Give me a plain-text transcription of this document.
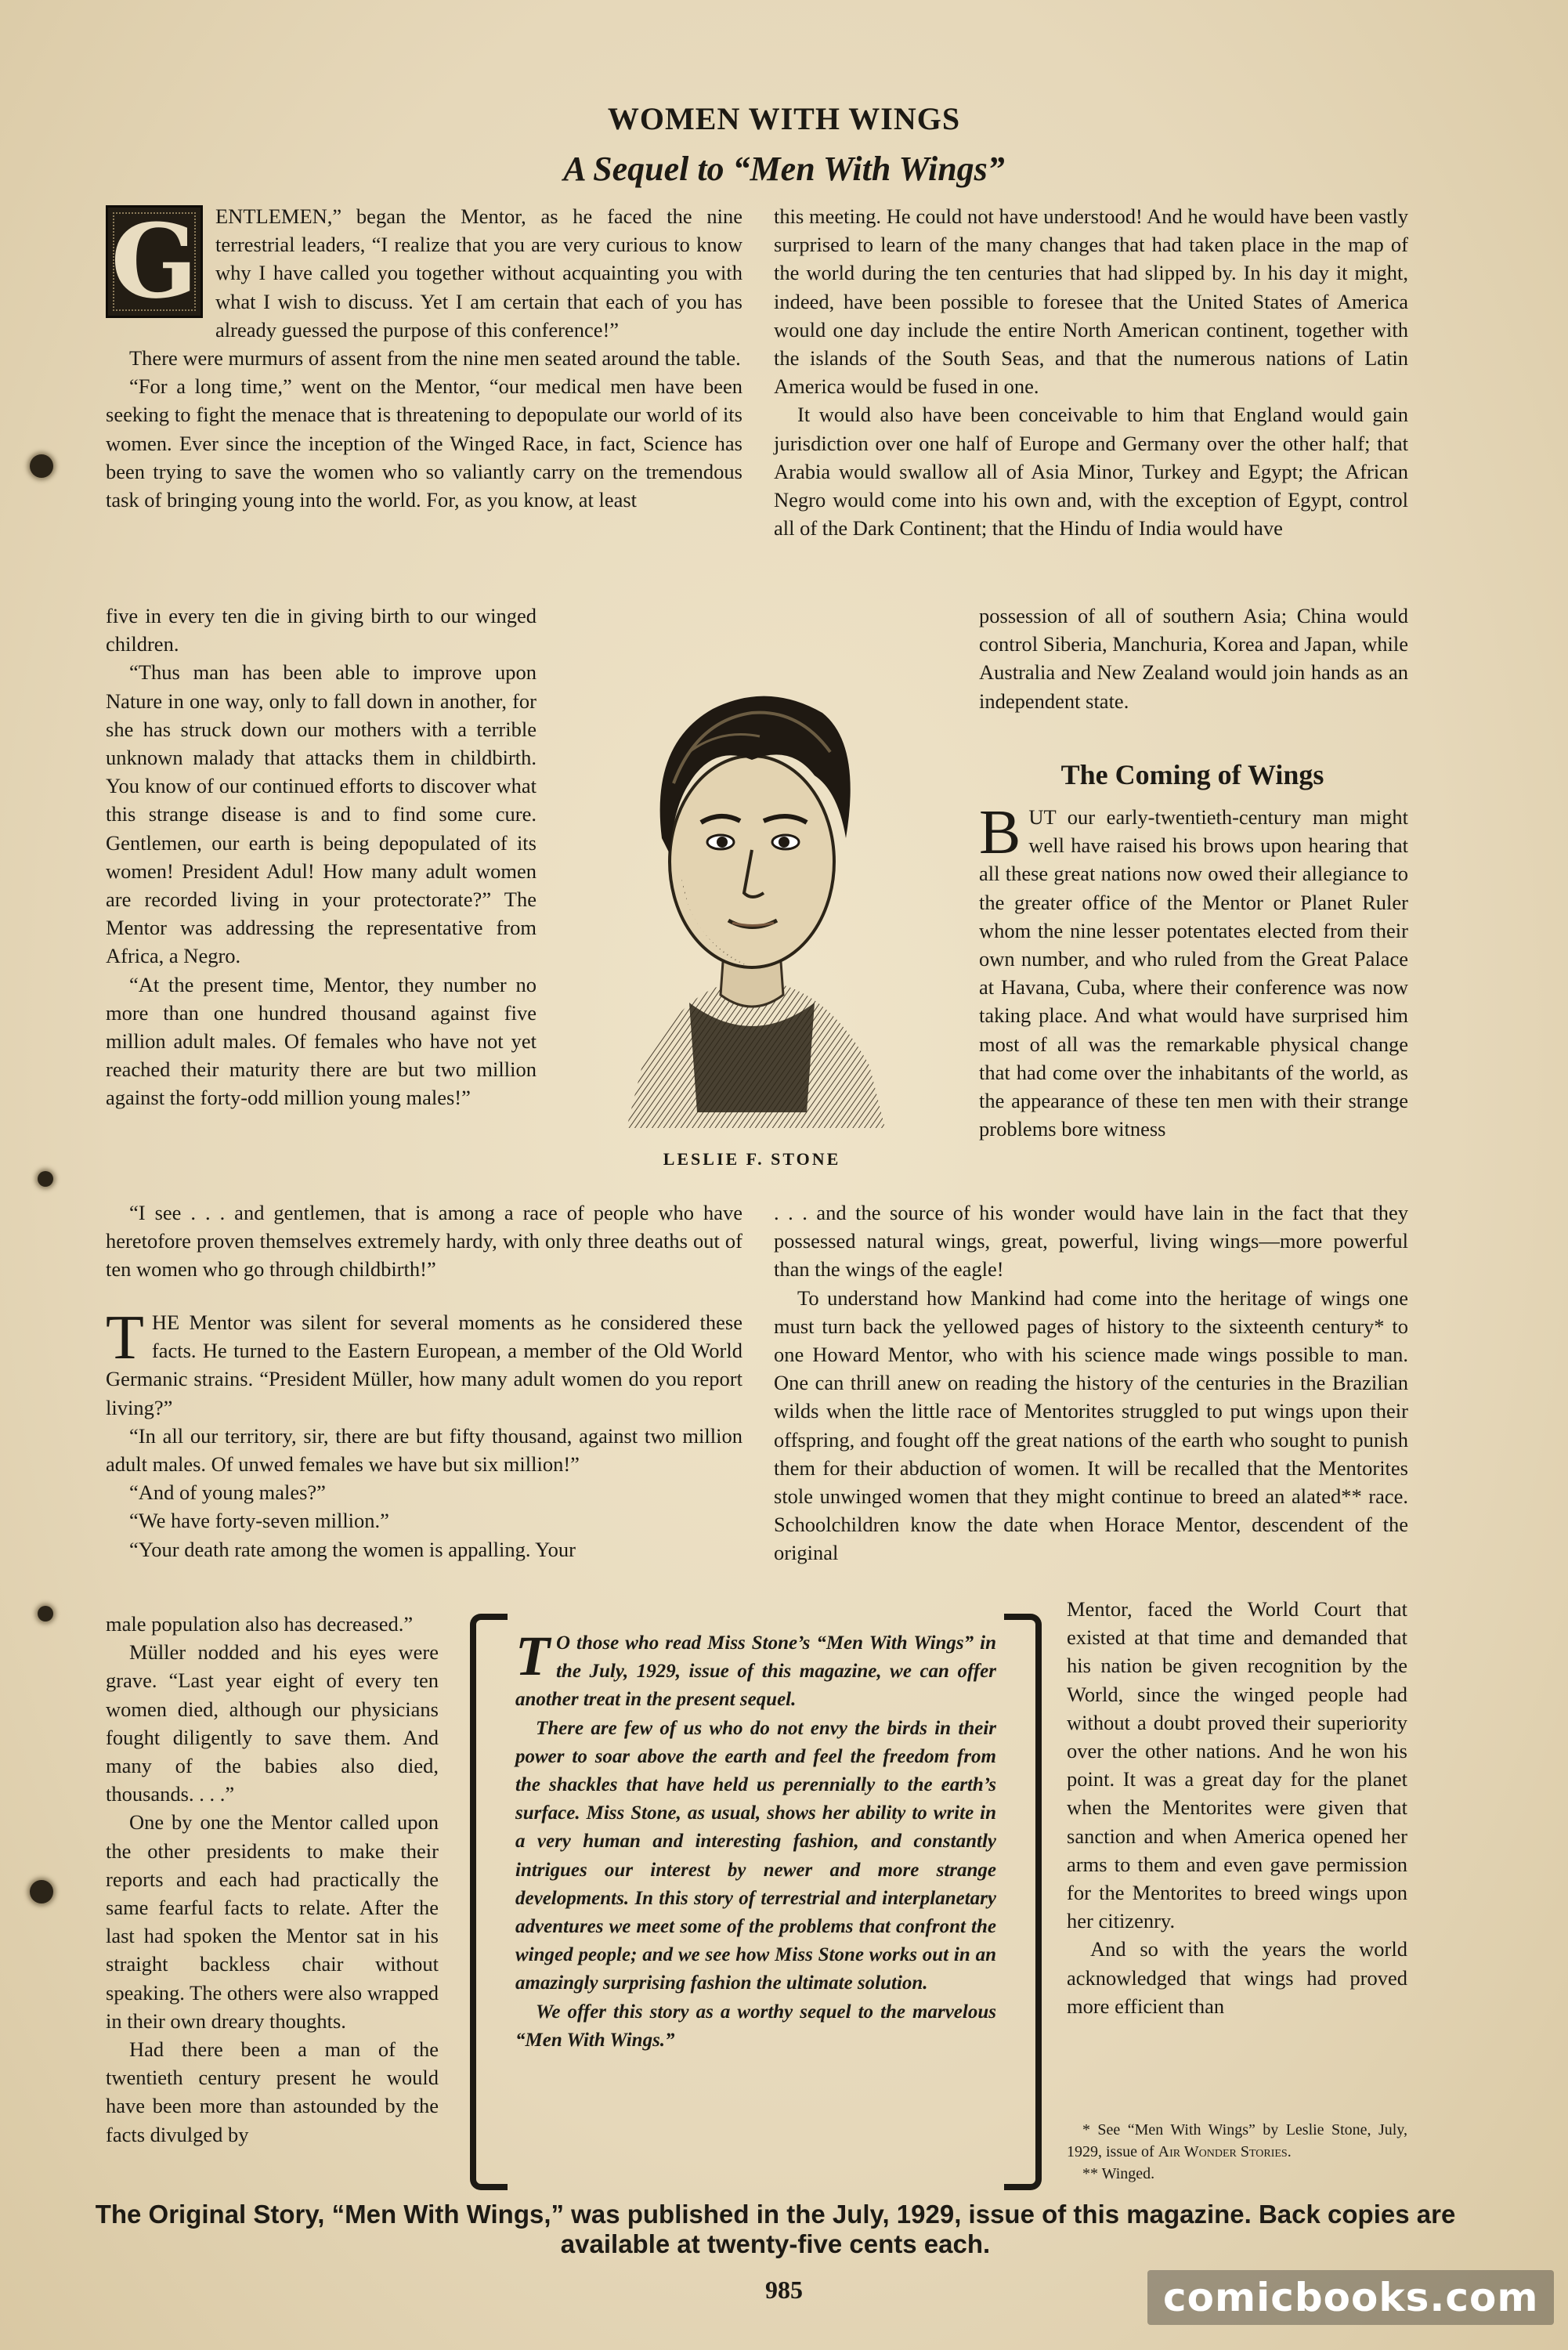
WOMEN WITH WINGS
A Sequel to “Men With Wings”
G ENTLEMEN,” began the Mentor, as he faced the nine terrestrial leaders, “I realize that you are very curious to know why I have called you together without acquainting you with what I wish to discuss. Yet I am certain that each of you has already guessed the purpose of this conference!”

There were murmurs of assent from the nine men seated around the table.

“For a long time,” went on the Mentor, “our medical men have been seeking to fight the menace that is threatening to depopulate our world of its women. Ever since the inception of the Winged Race, in fact, Science has been trying to save the women who so valiantly carry on the tremendous task of bringing young into the world. For, as you know, at least

five in every ten die in giving birth to our winged children.

“Thus man has been able to improve upon Nature in one way, only to fall down in another, for she has struck down our mothers with a terrible unknown malady that attacks them in childbirth. You know of our continued efforts to discover what this strange disease is and to find some cure. Gentlemen, our earth is being depopulated of its women! President Adul! How many adult women are recorded living in your protectorate?” The Mentor was addressing the representative from Africa, a Negro.

“At the present time, Mentor, they number no more than one hundred thousand against five million adult males. Of females who have not yet reached their maturity there are but two million against the forty-odd million young males!”

“I see . . . and gentlemen, that is among a race of people who have heretofore proven themselves extremely hardy, with only three deaths out of ten women who go through childbirth!”

T HE Mentor was silent for several moments as he considered these facts. He turned to the Eastern European, a member of the Old World Germanic strains. “President Müller, how many adult women do you report living?”

“In all our territory, sir, there are but fifty thousand, against two million adult males. Of unwed females we have but six million!”

“And of young males?”

“We have forty-seven million.”

“Your death rate among the women is appalling. Your

male population also has decreased.”

Müller nodded and his eyes were grave. “Last year eight of every ten women died, although our physicians fought diligently to save them. And many of the babies also died, thousands. . . .”

One by one the Mentor called upon the other presidents to make their reports and each had practically the same fearful facts to relate. After the last had spoken the Mentor sat in his straight backless chair without speaking. The others were also wrapped in their own dreary thoughts.

Had there been a man of the twentieth century present he would have been more than astounded by the facts divulged by

this meeting. He could not have understood! And he would have been vastly surprised to learn of the many changes that had taken place in the map of the world during the ten centuries that had slipped by. In his day it might, indeed, have been possible to foresee that the United States of America would one day include the entire North American continent, together with the islands of the South Seas, and that the numerous nations of Latin America would be fused in one.

It would also have been conceivable to him that England would gain jurisdiction over one half of Europe and Germany over the other half; that Arabia would swallow all of Asia Minor, Turkey and Egypt; the African Negro would come into his own and, with the exception of Egypt, control all of the Dark Continent; that the Hindu of India would have

possession of all of southern Asia; China would control Siberia, Manchuria, Korea and Japan, while Australia and New Zealand would join hands as an independent state.

The Coming of Wings
B UT our early-twentieth-century man might well have raised his brows upon hearing that all these great nations now owed their allegiance to the greater office of the Mentor or Planet Ruler whom the nine lesser potentates elected from their own number, and who ruled from the Great Palace at Havana, Cuba, where their conference was now taking place. And what would have surprised him most of all was the remarkable physical change that had come over the inhabitants of the world, as the appearance of these ten men with their strange problems bore witness

. . . and the source of his wonder would have lain in the fact that they possessed natural wings, great, powerful, living wings—more powerful than the wings of the eagle!

To understand how Mankind had come into the heritage of wings one must turn back the yellowed pages of history to the sixteenth century* to one Howard Mentor, who with his science made wings possible to man. One can thrill anew on reading the history of the centuries in the Brazilian wilds when the little race of Mentorites struggled to put wings upon their offspring, and fought off the great nations of the earth who sought to punish them for their abduction of women. It will be recalled that the Mentorites stole unwinged women that they might continue to breed an alated** race. Schoolchildren know the date when Horace Mentor, descendent of the original

Mentor, faced the World Court that existed at that time and demanded that his nation be given recognition by the World, since the winged people had without a doubt proved their superiority over the other nations. And he won his point. It was a great day for the planet when the Mentorites were given that sanction and when America opened her arms to them and even gave permission for the Mentorites to breed wings upon her citizenry.

And so with the years the world acknowledged that wings had proved more efficient than

LESLIE F. STONE
T O those who read Miss Stone’s “Men With Wings” in the July, 1929, issue of this magazine, we can offer another treat in the present sequel.

There are few of us who do not envy the birds in their power to soar above the earth and feel the freedom from the shackles that have held us perennially to the earth’s surface. Miss Stone, as usual, shows her ability to write in a very human and interesting fashion, and constantly intrigues our interest by newer and more strange developments. In this story of terrestrial and interplanetary adventures we meet some of the problems that confront the winged people; and we see how Miss Stone works out in an amazingly surprising fashion the ultimate solution.

We offer this story as a worthy sequel to the marvelous “Men With Wings.”

* See “Men With Wings” by Leslie Stone, July, 1929, issue of Air Wonder Stories.

** Winged.

The Original Story, “Men With Wings,” was published in the July, 1929, issue of this magazine. Back copies are available at twenty-five cents each.
985	comicbooks.com
